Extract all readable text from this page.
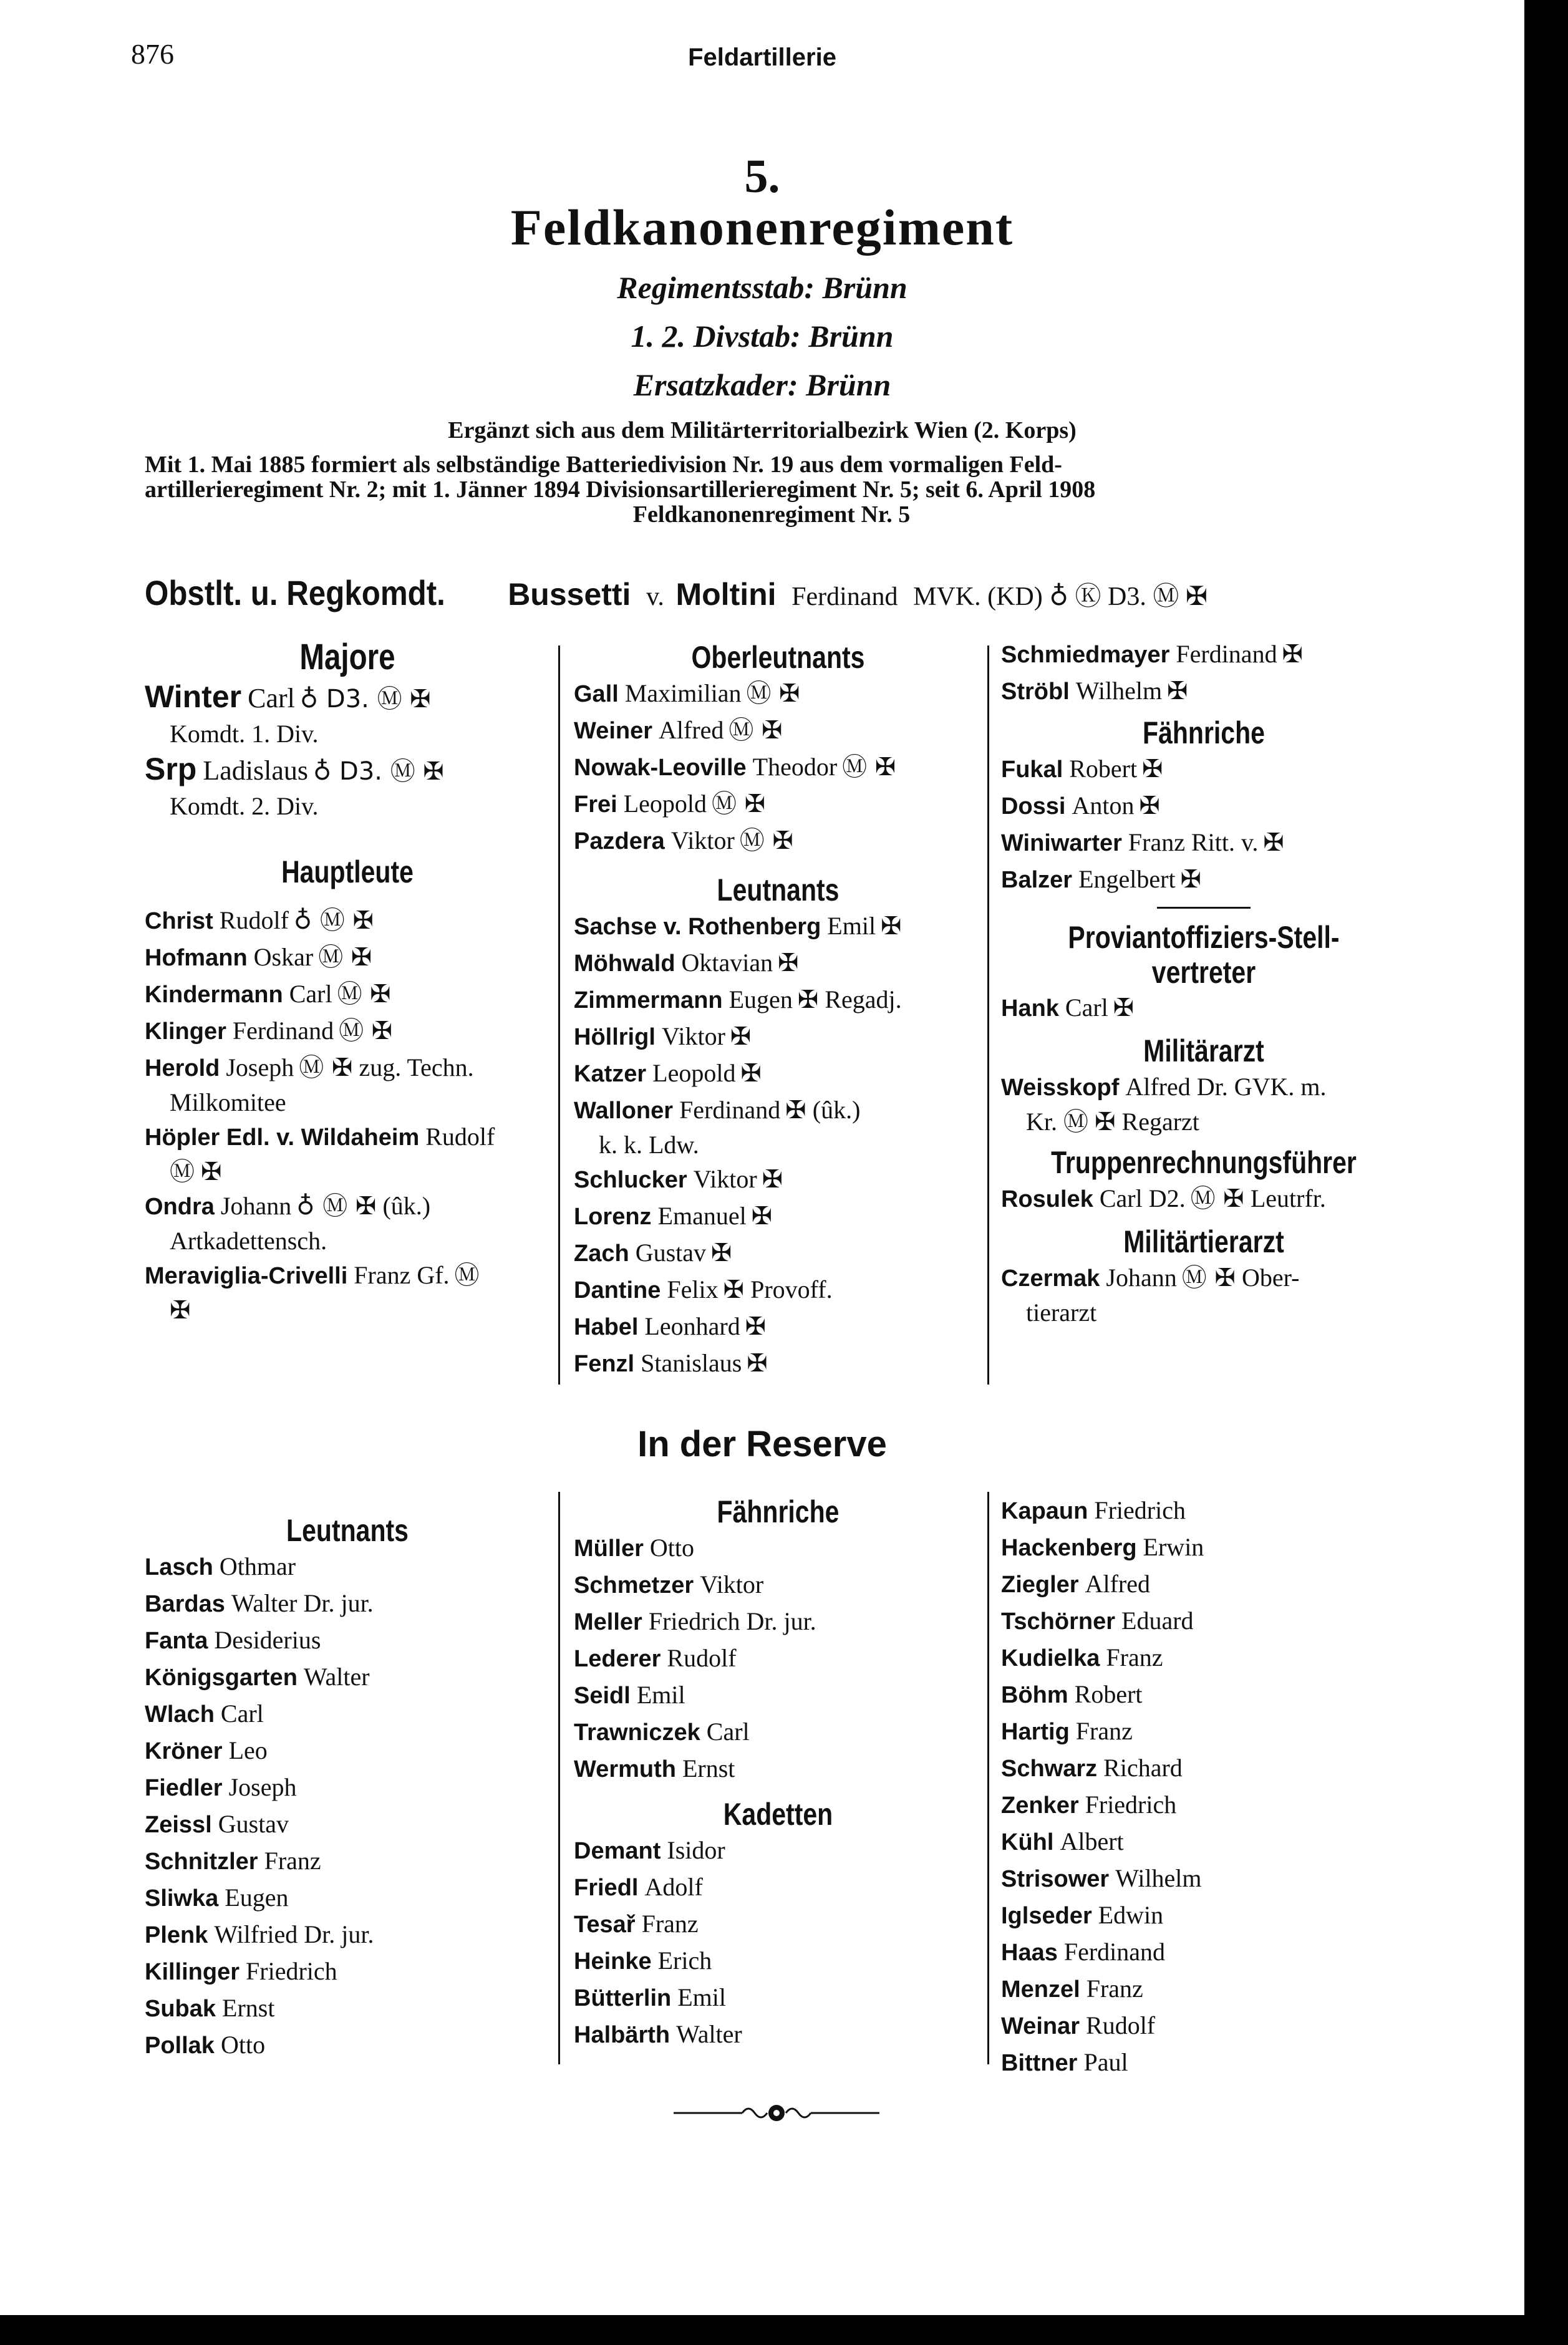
876	Feldartillerie
5.
Feldkanonenregiment
Regimentsstab: Brünn
1. 2. Divstab: Brünn
Ersatzkader: Brünn
Ergänzt sich aus dem Militärterritorialbezirk Wien (2. Korps)
Mit 1. Mai 1885 formiert als selbständige Batteriedivision Nr. 19 aus dem vormaligen Feld-
artillerieregiment Nr. 2; mit 1. Jänner 1894 Divisionsartillerieregiment Nr. 5; seit 6. April 1908
Feldkanonenregiment Nr. 5
Obstlt. u. Regkomdt. Bussetti v. Moltini Ferdinand MVK. (KD) ♁ Ⓚ D3. Ⓜ ✠
Majore
Winter Carl ♁ D3. Ⓜ ✠
Komdt. 1. Div.
Srp Ladislaus ♁ D3. Ⓜ ✠
Komdt. 2. Div.
Hauptleute
Christ Rudolf ♁ Ⓜ ✠
Hofmann Oskar Ⓜ ✠
Kindermann Carl Ⓜ ✠
Klinger Ferdinand Ⓜ ✠
Herold Joseph Ⓜ ✠ zug. Techn.
Milkomitee
Höpler Edl. v. Wildaheim Rudolf
Ⓜ ✠
Ondra Johann ♁ Ⓜ ✠ (ûk.)
Artkadettensch.
Meraviglia-Crivelli Franz Gf. Ⓜ
✠
Oberleutnants
Gall Maximilian Ⓜ ✠
Weiner Alfred Ⓜ ✠
Nowak-Leoville Theodor Ⓜ ✠
Frei Leopold Ⓜ ✠
Pazdera Viktor Ⓜ ✠
Leutnants
Sachse v. Rothenberg Emil ✠
Möhwald Oktavian ✠
Zimmermann Eugen ✠ Regadj.
Höllrigl Viktor ✠
Katzer Leopold ✠
Walloner Ferdinand ✠ (ûk.)
k. k. Ldw.
Schlucker Viktor ✠
Lorenz Emanuel ✠
Zach Gustav ✠
Dantine Felix ✠ Provoff.
Habel Leonhard ✠
Fenzl Stanislaus ✠
Schmiedmayer Ferdinand ✠
Ströbl Wilhelm ✠
Fähnriche
Fukal Robert ✠
Dossi Anton ✠
Winiwarter Franz Ritt. v. ✠
Balzer Engelbert ✠
Proviantoffiziers-Stell-
vertreter
Hank Carl ✠
Militärarzt
Weisskopf Alfred Dr. GVK. m.
Kr. Ⓜ ✠ Regarzt
Truppenrechnungsführer
Rosulek Carl D2. Ⓜ ✠ Leutrfr.
Militärtierarzt
Czermak Johann Ⓜ ✠ Ober-
tierarzt
In der Reserve
Leutnants
Lasch Othmar
Bardas Walter Dr. jur.
Fanta Desiderius
Königsgarten Walter
Wlach Carl
Kröner Leo
Fiedler Joseph
Zeissl Gustav
Schnitzler Franz
Sliwka Eugen
Plenk Wilfried Dr. jur.
Killinger Friedrich
Subak Ernst
Pollak Otto
Fähnriche
Müller Otto
Schmetzer Viktor
Meller Friedrich Dr. jur.
Lederer Rudolf
Seidl Emil
Trawniczek Carl
Wermuth Ernst
Kadetten
Demant Isidor
Friedl Adolf
Tesař Franz
Heinke Erich
Bütterlin Emil
Halbärth Walter
Kapaun Friedrich
Hackenberg Erwin
Ziegler Alfred
Tschörner Eduard
Kudielka Franz
Böhm Robert
Hartig Franz
Schwarz Richard
Zenker Friedrich
Kühl Albert
Strisower Wilhelm
Iglseder Edwin
Haas Ferdinand
Menzel Franz
Weinar Rudolf
Bittner Paul
